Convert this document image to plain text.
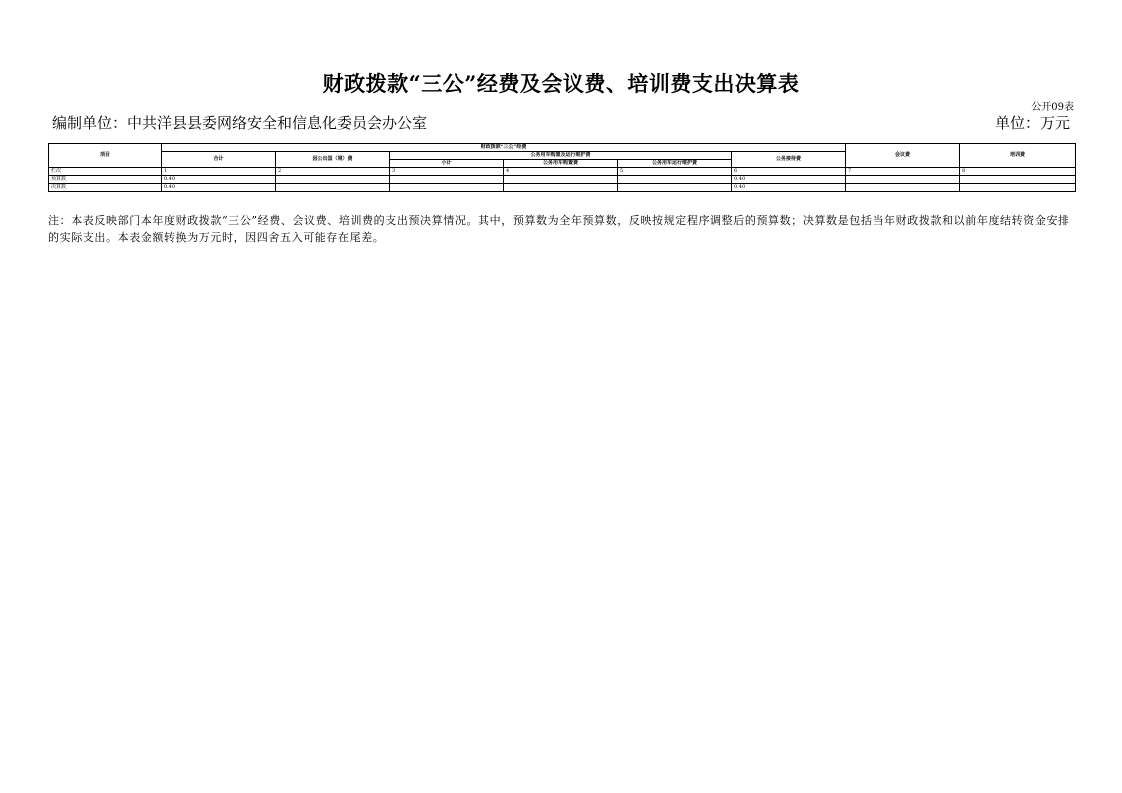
财政拨款“三公”经费及会议费、培训费支出决算表
公开09表
编制单位：中共洋县县委网络安全和信息化委员会办公室	单位：万元
项目	财政拨款“三公”经费						会议费	培训费
	合计	因公出国（境）费	公务用车购置及运行维护费			公务接待费		
			小计	公务用车购置费	公务用车运行维护费			
栏次	1	2	3	4	5	6	7	8
预算数	0.40					0.40		
决算数	0.40					0.40		
注：本表反映部门本年度财政拨款“三公”经费、会议费、培训费的支出预决算情况。其中，预算数为全年预算数，反映按规定程序调整后的预算数；决算数是包括当年财政拨款和以前年度结转资金安排的实际支出。本表金额转换为万元时，因四舍五入可能存在尾差。
